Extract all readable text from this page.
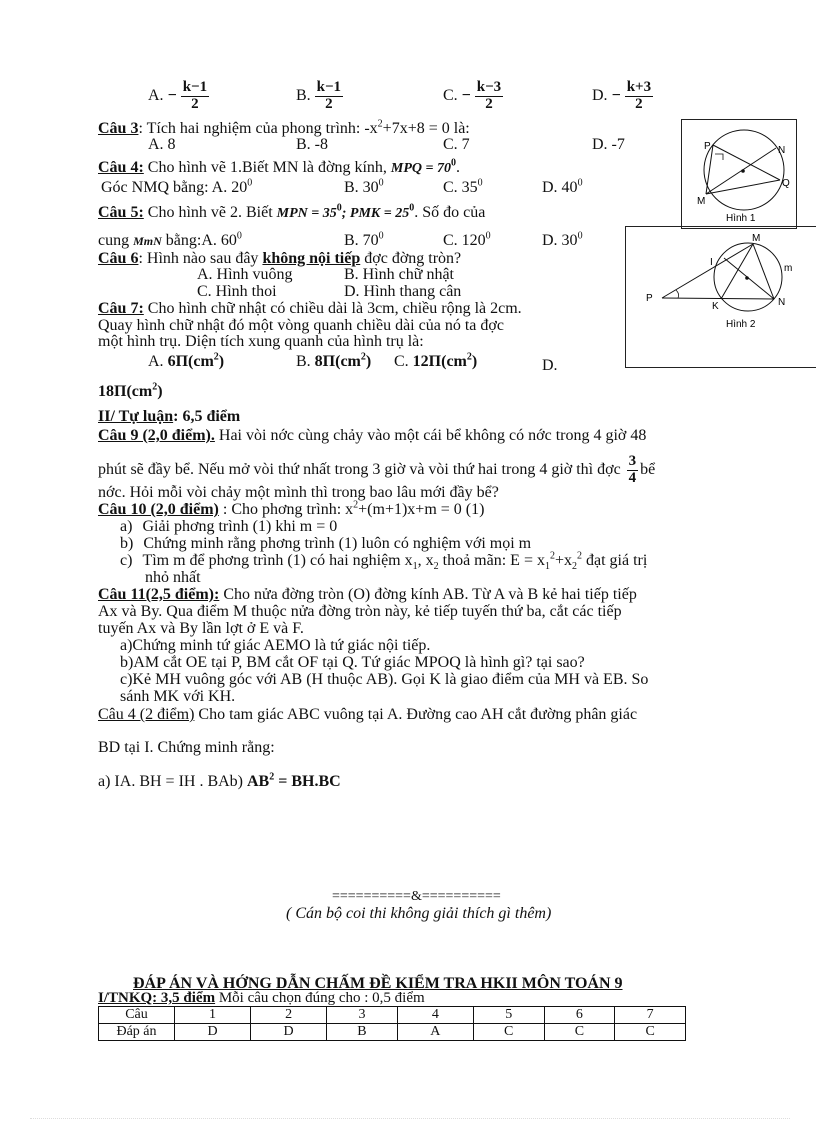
A. − $\frac{k-1}{2}$	B. $\frac{k-1}{2}$	C. − $\frac{k-3}{2}$	D. − $\frac{k+3}{2}$
Câu 3: Tích hai nghiệm của phong trình: $-x^2+7x+8 = 0$ là:
A. 8	B. -8	C. 7	D. -7
Câu 4: Cho hình vẽ 1.Biết MN là đờng kính, MPQ = $70^0$.
Góc NMQ bằng: A. $20^0$	B. $30^0$	C. $35^0$	D. $40^0$
Câu 5: Cho hình vẽ 2. Biết MPN = $35^0$; PMK = $25^0$. Số đo của
cung MmN bằng:A. $60^0$	B. $70^0$	C. $120^0$	D. $30^0$
Câu 6: Hình nào sau đây không nội tiếp đợc đờng tròn?
A. Hình vuông	B. Hình chữ nhật
C. Hình thoi	D. Hình thang cân
Câu 7: Cho hình chữ nhật có chiều dài là 3cm, chiều rộng là 2cm.
Quay hình chữ nhật đó một vòng quanh chiều dài của nó ta đợc
một hình trụ. Diện tích xung quanh của hình trụ là:
A. $6\Pi(cm^2)$	B. $8\Pi(cm^2)$ C. $12\Pi(cm^2)$	D.
$18\Pi(cm^2)$
II/ Tự luận: 6,5 điểm
Câu 9 (2,0 điểm). Hai vòi nớc cùng chảy vào một cái bể không có nớc trong 4 giờ 48
phút sẽ đầy bể. Nếu mở vòi thứ nhất trong 3 giờ và vòi thứ hai trong 4 giờ thì đợc $\frac{3}{4}$ bể
nớc. Hỏi mỗi vòi chảy một mình thì trong bao lâu mới đầy bể?
Câu 10 (2,0 điểm) : Cho phơng trình: $x^2+(m+1)x+m = 0$ (1)
a) Giải phơng trình (1) khi m = 0
b) Chứng minh rằng phơng trình (1) luôn có nghiệm với mọi m
c) Tìm m để phơng trình (1) có hai nghiệm $x_1$, $x_2$ thoả mãn: $E = x_1^2+x_2^2$ đạt giá trị
nhỏ nhất
Câu 11(2,5 điểm): Cho nửa đờng tròn (O) đờng kính AB. Từ A và B kẻ hai tiếp tiếp
Ax và By. Qua điểm M thuộc nửa đờng tròn này, kẻ tiếp tuyến thứ ba, cắt các tiếp
tuyến Ax và By lần lợt ở E và F.
a)Chứng minh tứ giác AEMO là tứ giác nội tiếp.
b)AM cắt OE tại P, BM cắt OF tại Q. Tứ giác MPOQ là hình gì? tại sao?
c)Kẻ MH vuông góc với AB (H thuộc AB). Gọi K là giao điểm của MH và EB. So
sánh MK với KH.
Câu 4 (2 điểm) Cho tam giác ABC vuông tại A. Đường cao AH cắt đường phân giác
BD tại I. Chứng minh rằng:
a) IA. BH = IH . BAb) $AB^2 = BH.BC$
==========&==========
( Cán bộ coi thi không giải thích gì thêm)
ĐÁP ÁN VÀ HỚNG DẪN CHẤM ĐỀ KIỂM TRA HKII MÔN TOÁN 9
I/TNKQ: 3,5 điểm Mỗi câu chọn đúng cho : 0,5 điểm
Câu	1	2	3	4	5	6	7
Đáp án	D	D	B	A	C	C	C
P	N
Q
M
Hình 1
M
I
m
P
K	N
Hình 2
